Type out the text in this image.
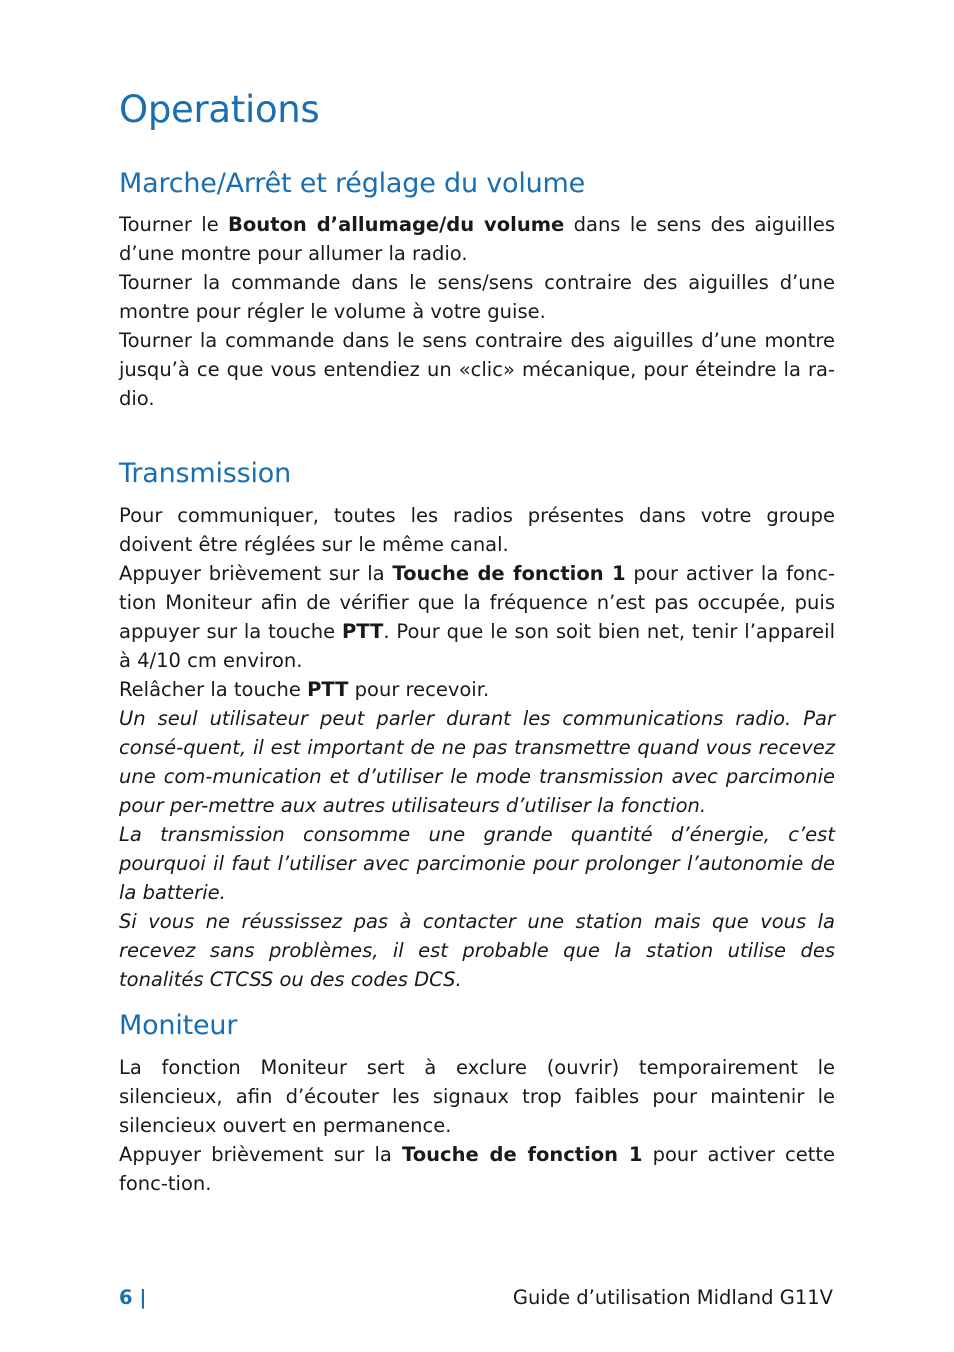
Operations
Marche/Arrêt et réglage du volume

Tourner le Bouton d’allumage/du volume dans le sens des aiguilles d’une montre pour allumer la radio.

Tourner la commande dans le sens/sens contraire des aiguilles d’une montre pour régler le volume à votre guise.

Tourner la commande dans le sens contraire des aiguilles d’une montre jusqu’à ce que vous entendiez un «clic» mécanique, pour éteindre la ra-dio.

Transmission

Pour communiquer, toutes les radios présentes dans votre groupe doivent être réglées sur le même canal.

Appuyer brièvement sur la Touche de fonction 1 pour activer la fonc-tion Moniteur afin de vérifier que la fréquence n’est pas occupée, puis appuyer sur la touche PTT. Pour que le son soit bien net, tenir l’appareil à 4/10 cm environ.

Relâcher la touche PTT pour recevoir.

Un seul utilisateur peut parler durant les communications radio. Par consé-quent, il est important de ne pas transmettre quand vous recevez une com-munication et d’utiliser le mode transmission avec parcimonie pour per-mettre aux autres utilisateurs d’utiliser la fonction.

La transmission consomme une grande quantité d’énergie, c’est pourquoi il faut l’utiliser avec parcimonie pour prolonger l’autonomie de la batterie.

Si vous ne réussissez pas à contacter une station mais que vous la recevez sans problèmes, il est probable que la station utilise des tonalités CTCSS ou des codes DCS.

Moniteur

La fonction Moniteur sert à exclure (ouvrir) temporairement le silencieux, afin d’écouter les signaux trop faibles pour maintenir le silencieux ouvert en permanence.

Appuyer brièvement sur la Touche de fonction 1 pour activer cette fonc-tion.

6 |	Guide d’utilisation Midland G11V
